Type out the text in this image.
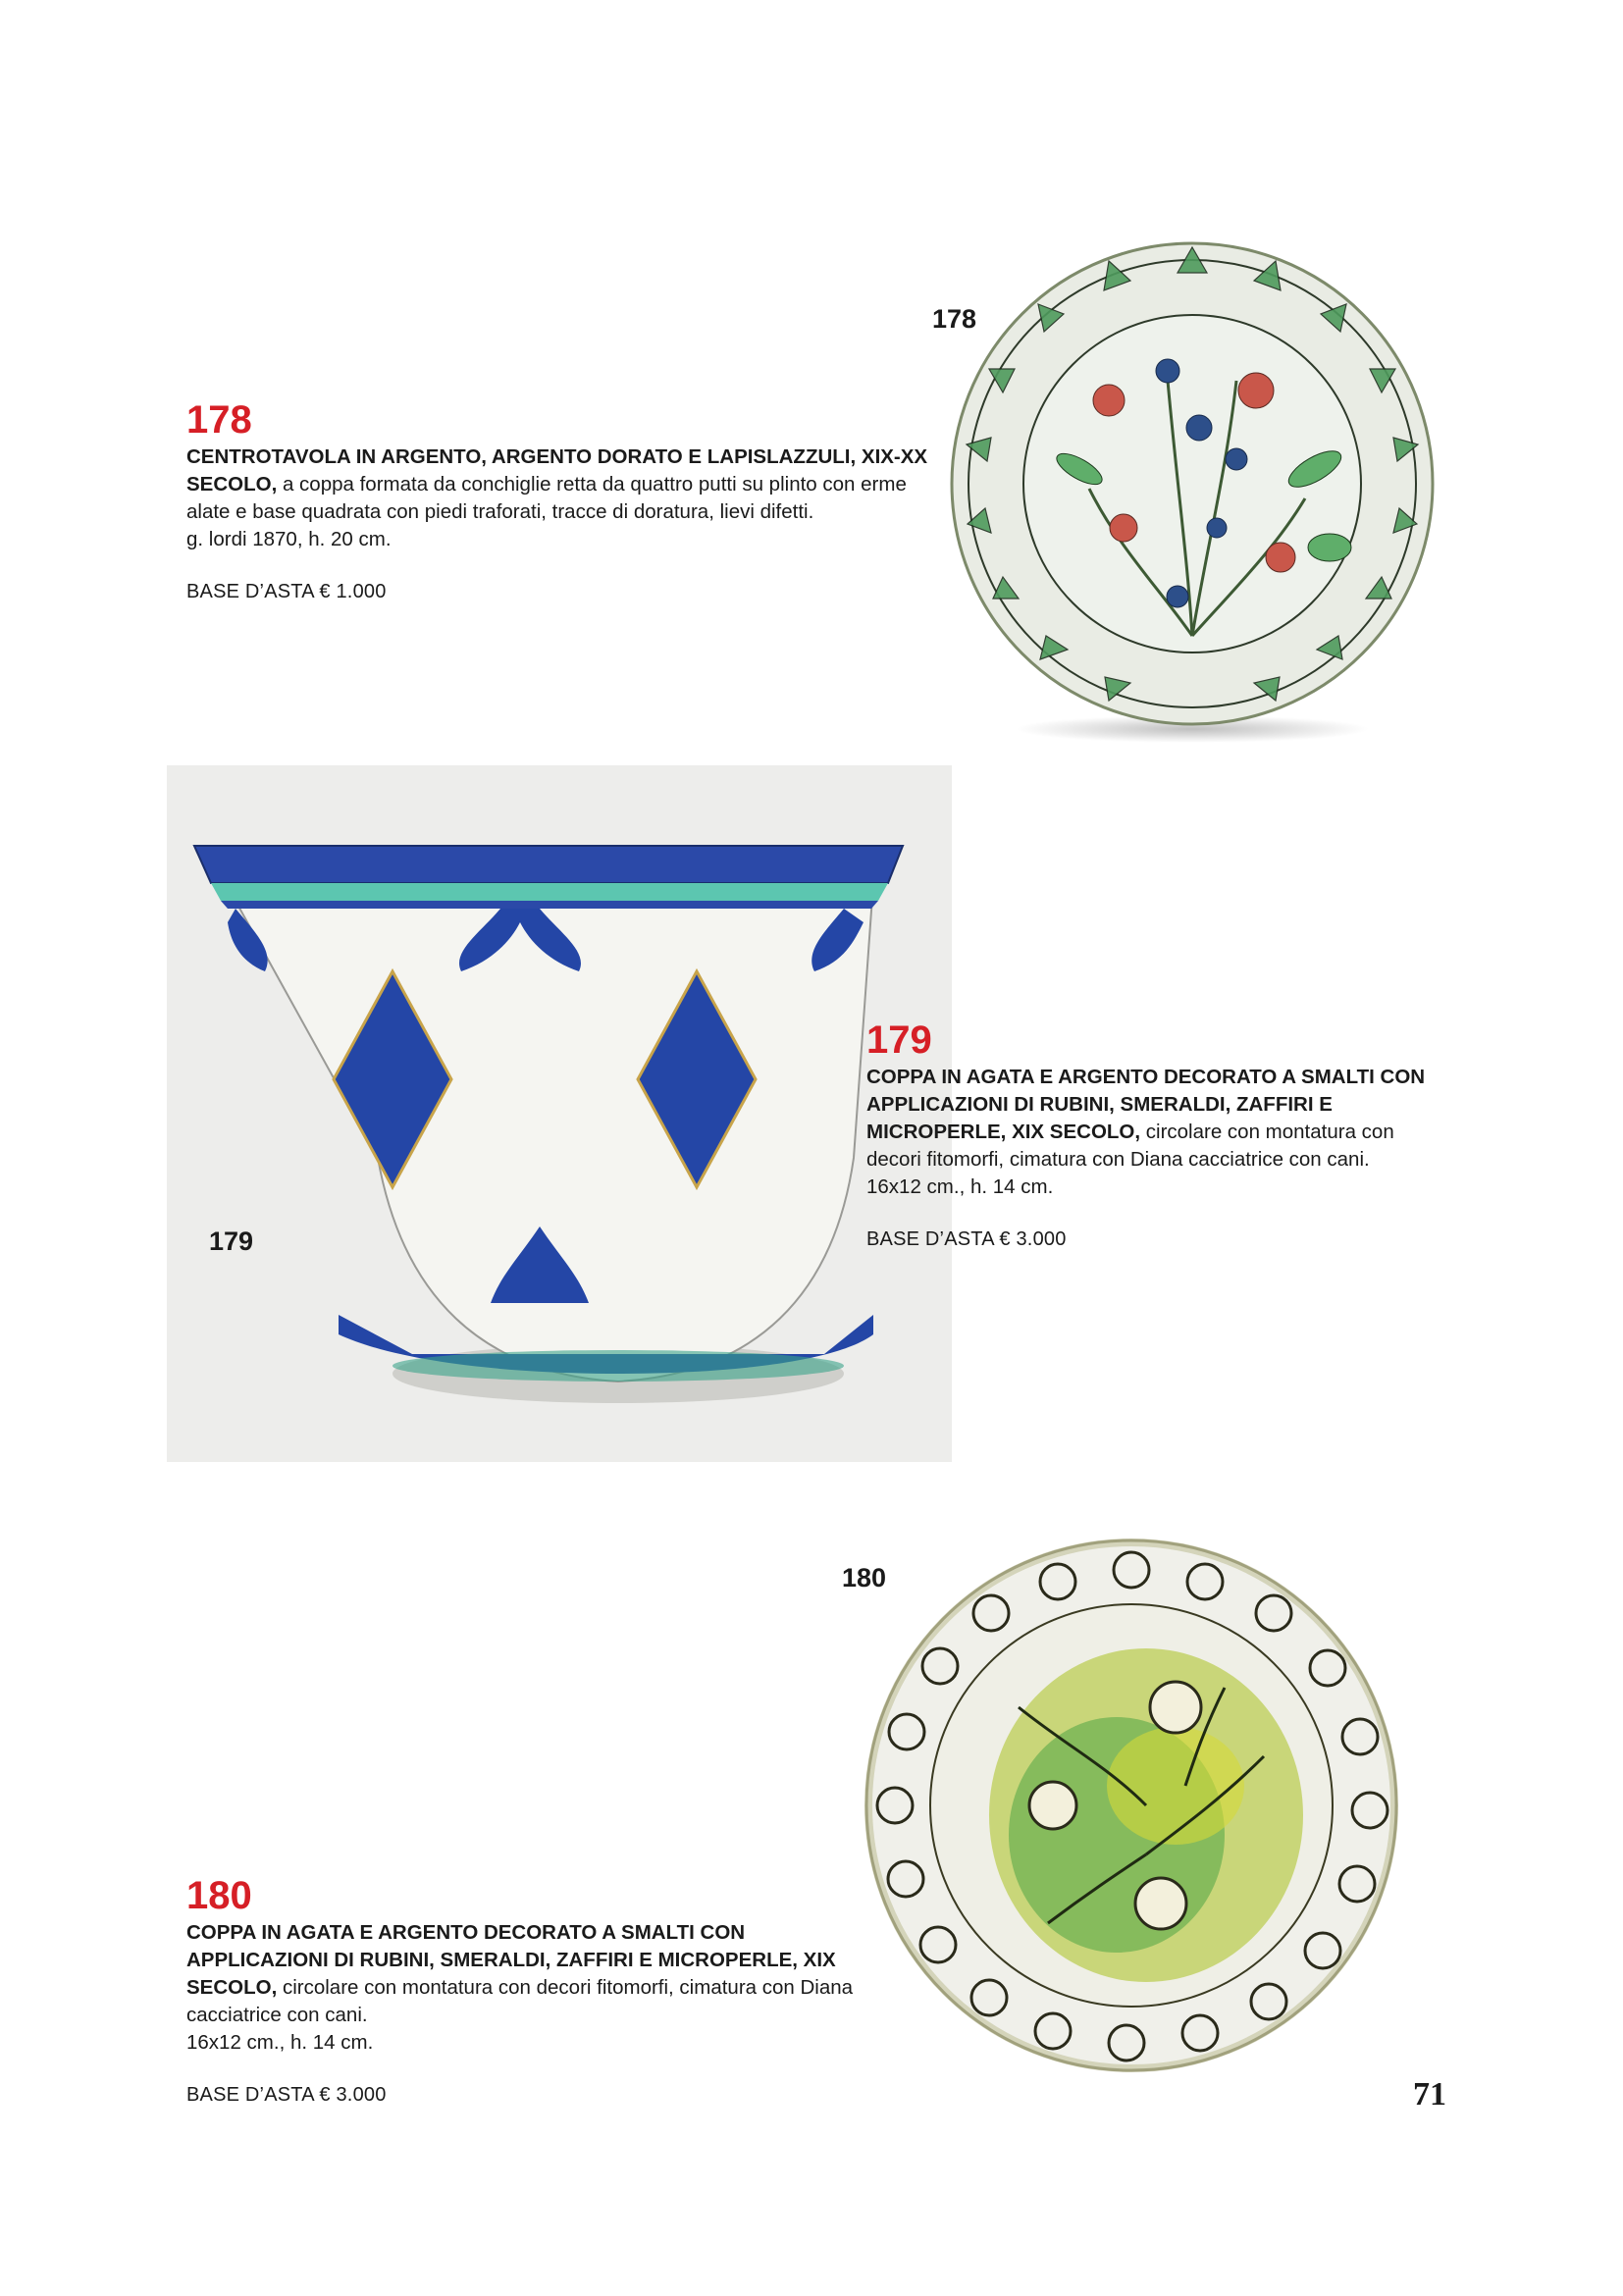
178
CENTROTAVOLA IN ARGENTO, ARGENTO DORATO E LAPISLAZZULI, XIX-XX SECOLO, a coppa formata da conchiglie retta da quattro putti su plinto con erme alate e base quadrata con piedi traforati, tracce di doratura, lievi difetti.
g. lordi 1870, h. 20 cm.
BASE D’ASTA € 1.000
178
179
179
COPPA IN AGATA E ARGENTO DECORATO A SMALTI CON APPLICAZIONI DI RUBINI, SMERALDI, ZAFFIRI E MICROPERLE, XIX SECOLO, circolare con montatura con decori fitomorfi, cimatura con Diana cacciatrice con cani.
16x12 cm., h. 14 cm.
BASE D’ASTA € 3.000
180
180
COPPA IN AGATA E ARGENTO DECORATO A SMALTI CON APPLICAZIONI DI RUBINI, SMERALDI, ZAFFIRI E MICROPERLE, XIX SECOLO, circolare con montatura con decori fitomorfi, cimatura con Diana cacciatrice con cani.
16x12 cm., h. 14 cm.
BASE D’ASTA € 3.000	71
